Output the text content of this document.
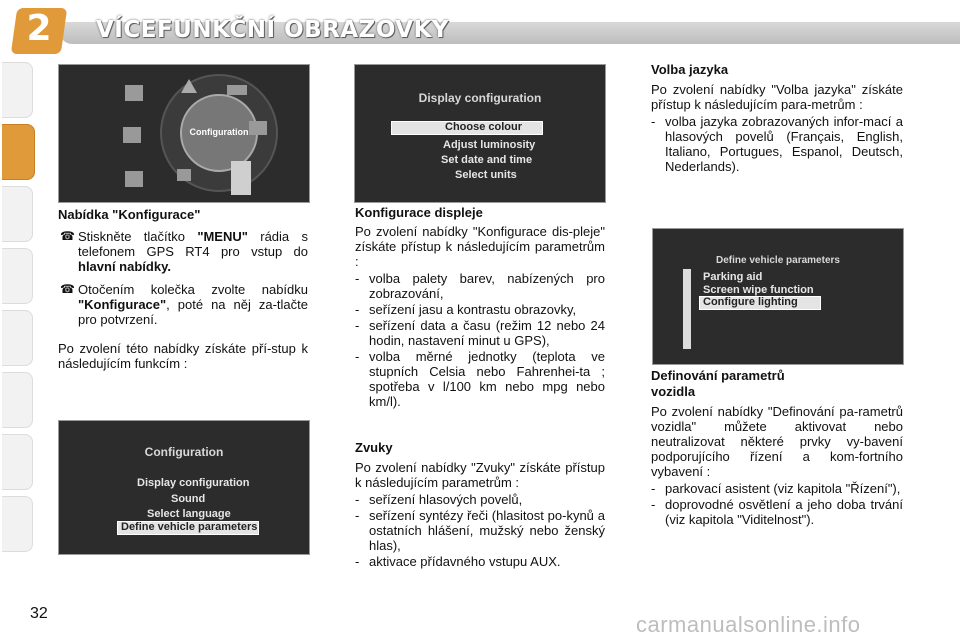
2	VÍCEFUNKČNÍ OBRAZOVKY
Configuration
Display configuration
Choose colour
Adjust luminosity
Set date and time
Select units
Configuration
Display configuration
Sound
Select language
Define vehicle parameters
Define vehicle parameters
Parking aid
Screen wipe function
Configure lighting
Nabídka "Konfigurace"
☎ Stiskněte tlačítko "MENU" rádia s telefonem GPS RT4 pro vstup do hlavní nabídky.
☎ Otočením kolečka zvolte nabídku "Konfigurace", poté na něj za-tlačte pro potvrzení.
Po zvolení této nabídky získáte pří-stup k následujícím funkcím :
Konfigurace displeje
Po zvolení nabídky "Konfigurace dis-pleje" získáte přístup k následujícím parametrům :
- volba palety barev, nabízených pro zobrazování,
- seřízení jasu a kontrastu obrazovky,
- seřízení data a času (režim 12 nebo 24 hodin, nastavení minut u GPS),
- volba měrné jednotky (teplota ve stupních Celsia nebo Fahrenhei-ta ; spotřeba v l/100 km nebo mpg nebo km/l).
Zvuky
Po zvolení nabídky "Zvuky" získáte přístup k následujícím parametrům :
- seřízení hlasových povelů,
- seřízení syntézy řeči (hlasitost po-kynů a ostatních hlášení, mužský nebo ženský hlas),
- aktivace přídavného vstupu AUX.
Volba jazyka
Po zvolení nabídky "Volba jazyka" získáte přístup k následujícím para-metrům :
- volba jazyka zobrazovaných infor-mací a hlasových povelů (Français, English, Italiano, Portugues, Espanol, Deutsch, Nederlands).
Definování parametrů vozidla
Po zvolení nabídky "Definování pa-rametrů vozidla" můžete aktivovat nebo neutralizovat některé prvky vy-bavení podporujícího řízení a kom-fortního vybavení :
- parkovací asistent (viz kapitola "Řízení"),
- doprovodné osvětlení a jeho doba trvání (viz kapitola "Viditelnost").
32	carmanualsonline.info
